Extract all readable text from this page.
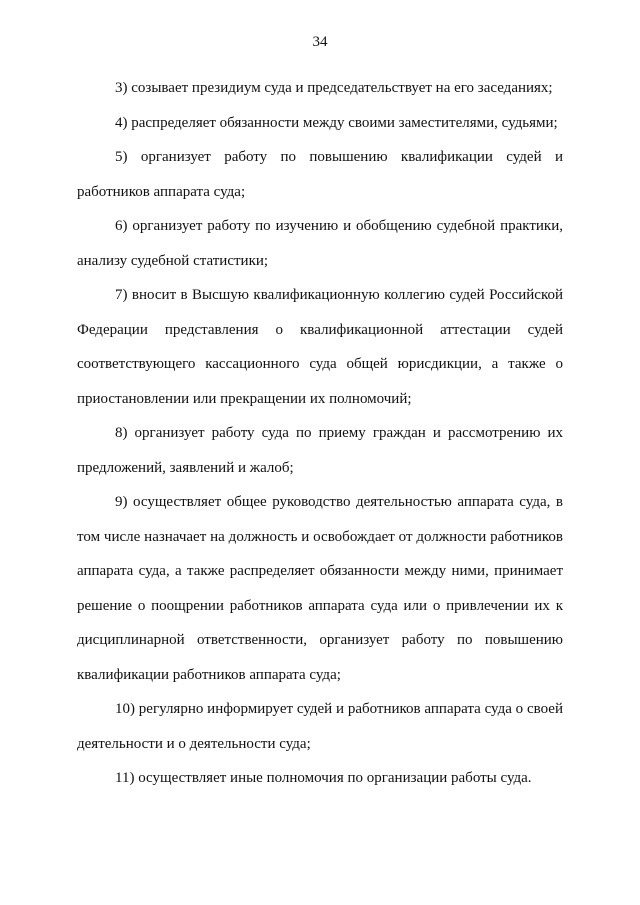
34

3) созывает президиум суда и председательствует на его заседаниях;

4) распределяет обязанности между своими заместителями, судьями;

5) организует работу по повышению квалификации судей и работников аппарата суда;

6) организует работу по изучению и обобщению судебной практики, анализу судебной статистики;

7) вносит в Высшую квалификационную коллегию судей Российской Федерации представления о квалификационной аттестации судей соответствующего кассационного суда общей юрисдикции, а также о приостановлении или прекращении их полномочий;

8) организует работу суда по приему граждан и рассмотрению их предложений, заявлений и жалоб;

9) осуществляет общее руководство деятельностью аппарата суда, в том числе назначает на должность и освобождает от должности работников аппарата суда, а также распределяет обязанности между ними, принимает решение о поощрении работников аппарата суда или о привлечении их к дисциплинарной ответственности, организует работу по повышению квалификации работников аппарата суда;

10) регулярно информирует судей и работников аппарата суда о своей деятельности и о деятельности суда;

11) осуществляет иные полномочия по организации работы суда.
